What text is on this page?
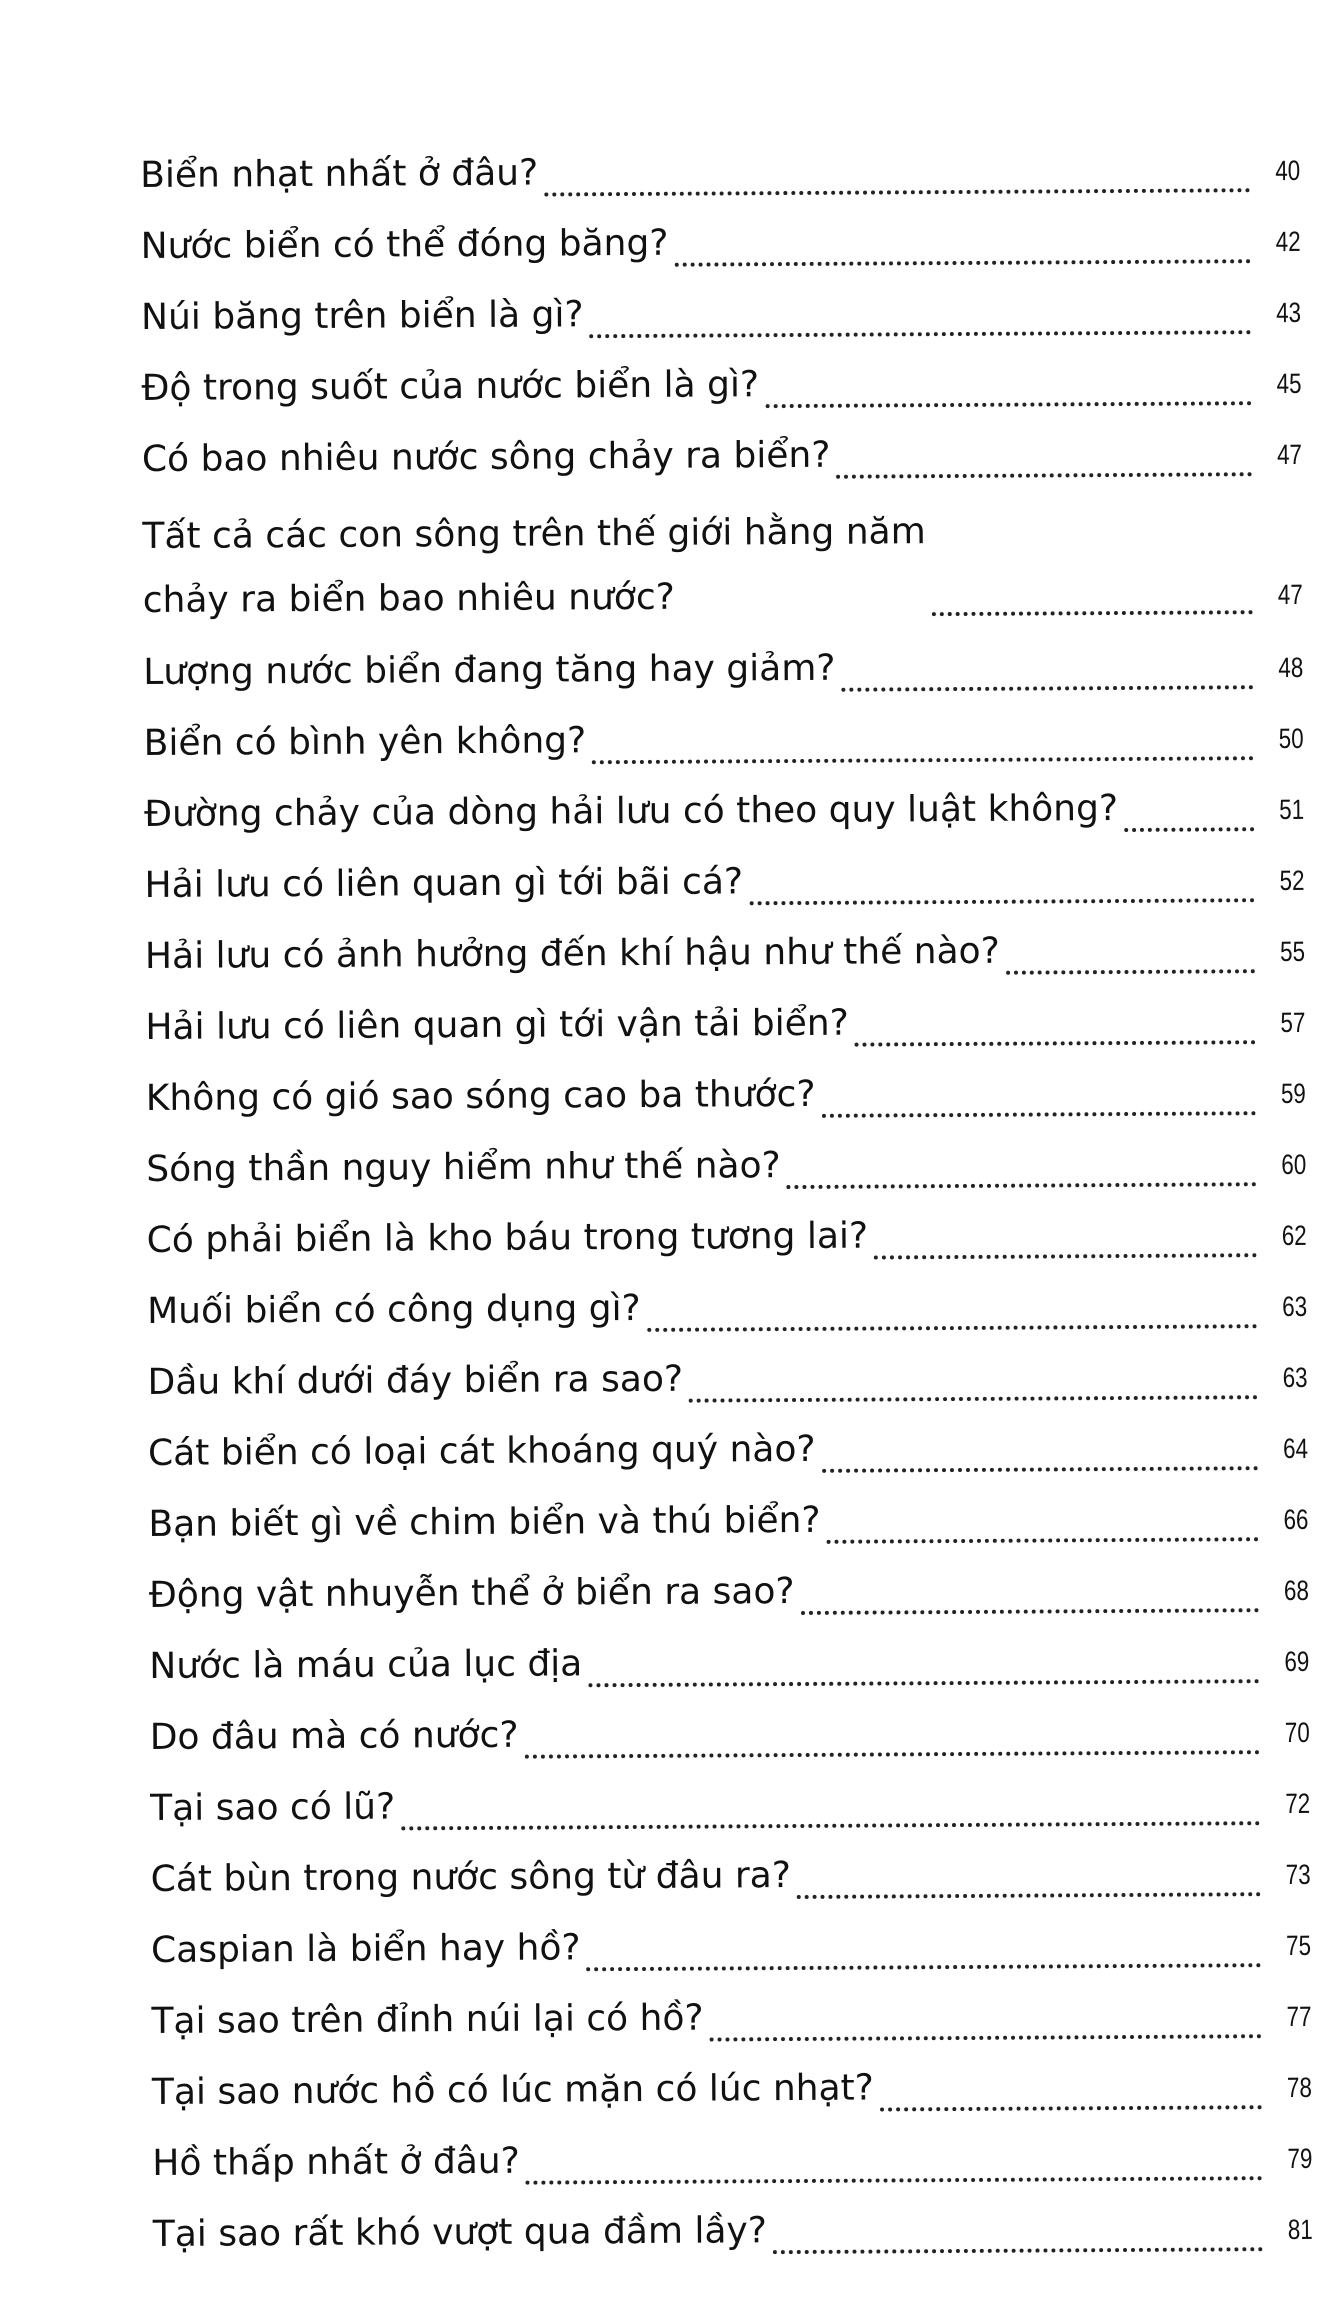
Biển nhạt nhất ở đâu?	40
Nước biển có thể đóng băng?	42
Núi băng trên biển là gì?	43
Độ trong suốt của nước biển là gì?	45
Có bao nhiêu nước sông chảy ra biển?	47
Tất cả các con sông trên thế giới hằng năm
chảy ra biển bao nhiêu nước?	47
Lượng nước biển đang tăng hay giảm?	48
Biển có bình yên không?	50
Đường chảy của dòng hải lưu có theo quy luật không?	51
Hải lưu có liên quan gì tới bãi cá?	52
Hải lưu có ảnh hưởng đến khí hậu như thế nào?	55
Hải lưu có liên quan gì tới vận tải biển?	57
Không có gió sao sóng cao ba thước?	59
Sóng thần nguy hiểm như thế nào?	60
Có phải biển là kho báu trong tương lai?	62
Muối biển có công dụng gì?	63
Dầu khí dưới đáy biển ra sao?	63
Cát biển có loại cát khoáng quý nào?	64
Bạn biết gì về chim biển và thú biển?	66
Động vật nhuyễn thể ở biển ra sao?	68
Nước là máu của lục địa	69
Do đâu mà có nước?	70
Tại sao có lũ?	72
Cát bùn trong nước sông từ đâu ra?	73
Caspian là biển hay hồ?	75
Tại sao trên đỉnh núi lại có hồ?	77
Tại sao nước hồ có lúc mặn có lúc nhạt?	78
Hồ thấp nhất ở đâu?	79
Tại sao rất khó vượt qua đầm lầy?	81
